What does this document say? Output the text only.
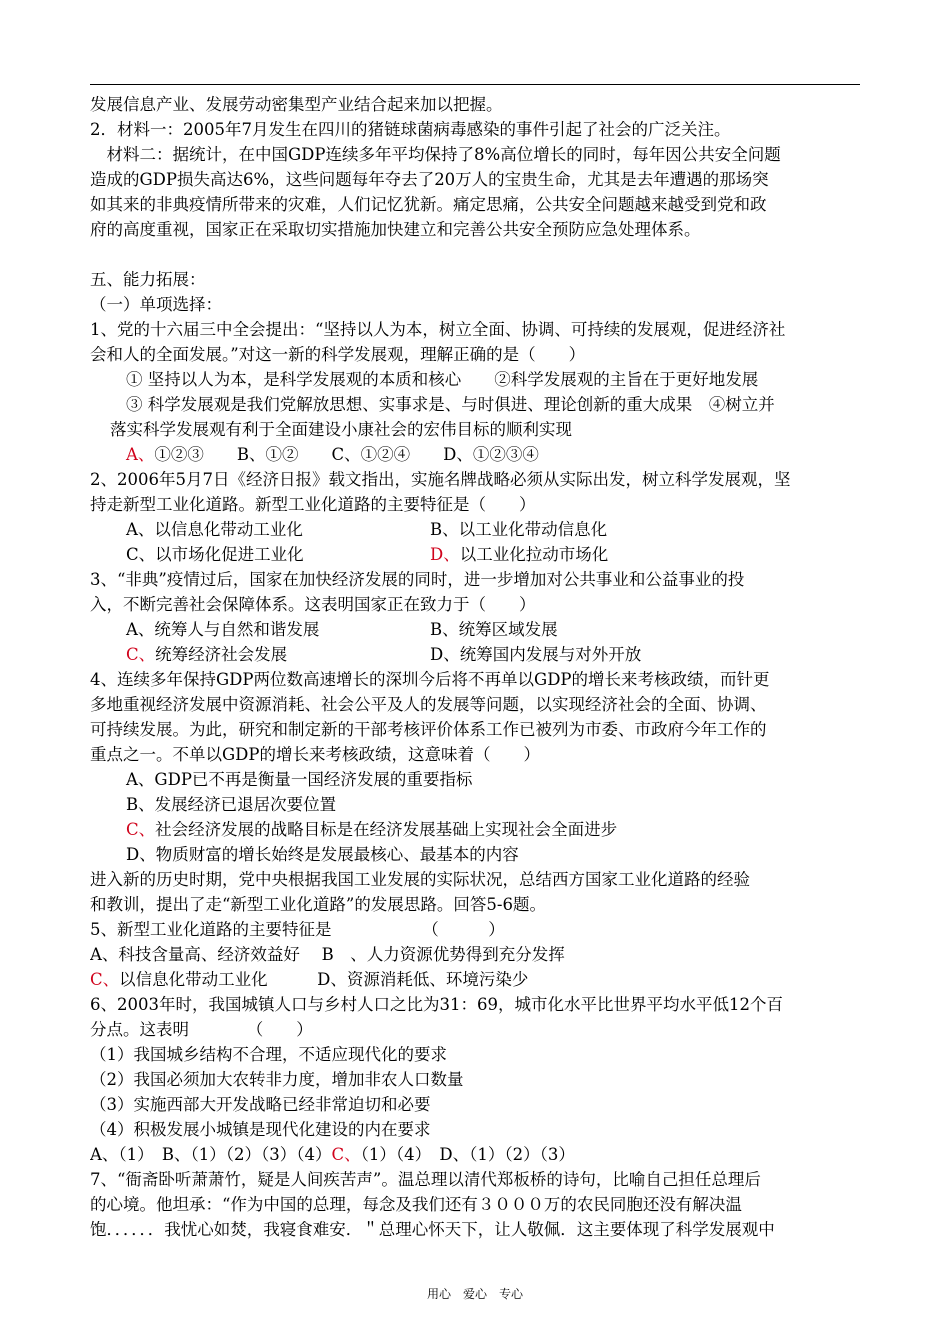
发展信息产业、发展劳动密集型产业结合起来加以把握。
2．材料一：2005年7月发生在四川的猪链球菌病毒感染的事件引起了社会的广泛关注。
　材料二：据统计，在中国GDP连续多年平均保持了8%高位增长的同时，每年因公共安全问题
造成的GDP损失高达6%，这些问题每年夺去了20万人的宝贵生命，尤其是去年遭遇的那场突
如其来的非典疫情所带来的灾难，人们记忆犹新。痛定思痛，公共安全问题越来越受到党和政
府的高度重视，国家正在采取切实措施加快建立和完善公共安全预防应急处理体系。
五、能力拓展：
（一）单项选择：
1、党的十六届三中全会提出：“坚持以人为本，树立全面、协调、可持续的发展观，促进经济社
会和人的全面发展。”对这一新的科学发展观，理解正确的是（　　）
① 坚持以人为本，是科学发展观的本质和核心　　②科学发展观的主旨在于更好地发展
③ 科学发展观是我们党解放思想、实事求是、与时俱进、理论创新的重大成果　④树立并
落实科学发展观有利于全面建设小康社会的宏伟目标的顺利实现
A、①②③　　B、①②　　C、①②④　　D、①②③④
2、2006年5月7日《经济日报》载文指出，实施名牌战略必须从实际出发，树立科学发展观，坚
持走新型工业化道路。新型工业化道路的主要特征是（　　）
A、以信息化带动工业化	B、以工业化带动信息化
C、以市场化促进工业化	D、以工业化拉动市场化
3、“非典”疫情过后，国家在加快经济发展的同时，进一步增加对公共事业和公益事业的投
入，不断完善社会保障体系。这表明国家正在致力于（　　）
A、统筹人与自然和谐发展	B、统筹区域发展
C、统筹经济社会发展	D、统筹国内发展与对外开放
4、连续多年保持GDP两位数高速增长的深圳今后将不再单以GDP的增长来考核政绩，而针更
多地重视经济发展中资源消耗、社会公平及人的发展等问题，以实现经济社会的全面、协调、
可持续发展。为此，研究和制定新的干部考核评价体系工作已被列为市委、市政府今年工作的
重点之一。不单以GDP的增长来考核政绩，这意味着（　　）
A、GDP已不再是衡量一国经济发展的重要指标
B、发展经济已退居次要位置
C、社会经济发展的战略目标是在经济发展基础上实现社会全面进步
D、物质财富的增长始终是发展最核心、最基本的内容
进入新的历史时期，党中央根据我国工业发展的实际状况，总结西方国家工业化道路的经验
和教训，提出了走“新型工业化道路”的发展思路。回答5-6题。
5、新型工业化道路的主要特征是　　　　　　（　　　）
A、科技含量高、经济效益好　 B　、人力资源优势得到充分发挥
C、以信息化带动工业化　　　D、资源消耗低、环境污染少
6、2003年时，我国城镇人口与乡村人口之比为31：69，城市化水平比世界平均水平低12个百
分点。这表明　　　　（　　）
（1）我国城乡结构不合理，不适应现代化的要求
（2）我国必须加大农转非力度，增加非农人口数量
（3）实施西部大开发战略已经非常迫切和必要
（4）积极发展小城镇是现代化建设的内在要求
A、（1）　B、（1）（2）（3）（4）C、（1）（4）　D、（1）（2）（3）
7、“衙斋卧听萧萧竹，疑是人间疾苦声”。温总理以清代郑板桥的诗句，比喻自己担任总理后
的心境。他坦承：“作为中国的总理，每念及我们还有３０００万的农民同胞还没有解决温
饱．．．．．．我忧心如焚，我寝食难安．＂总理心怀天下，让人敬佩．这主要体现了科学发展观中
用心　爱心　专心
